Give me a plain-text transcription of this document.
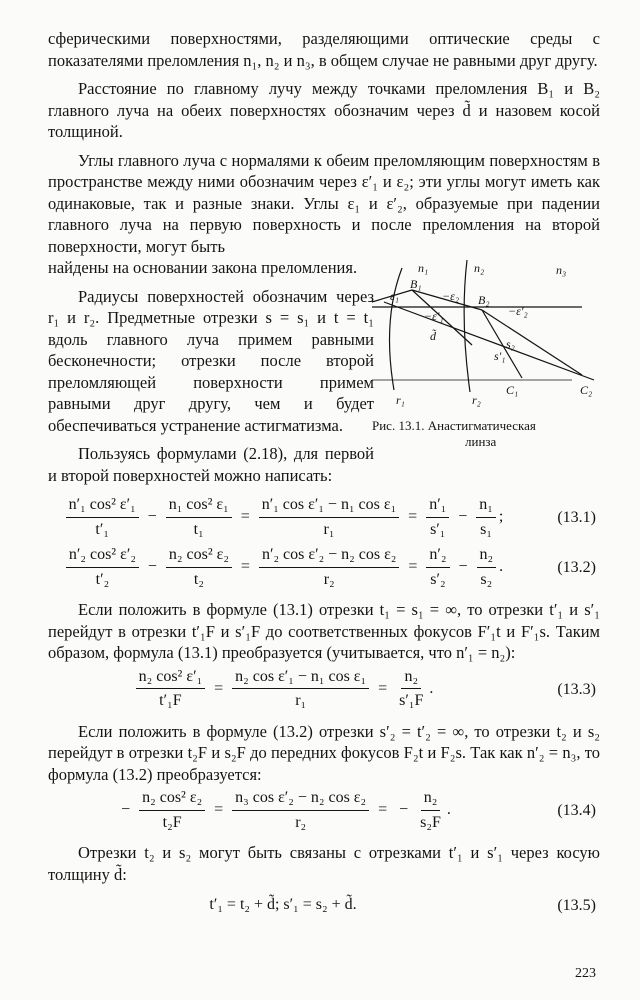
сферическими поверхностями, разделяющими оптические среды с показателями преломления n₁, n₂ и n₃, в общем случае не равными друг другу.

Расстояние по главному лучу между точками преломления B₁ и B₂ главного луча на обеих поверхностях обозначим через d̃ и назовем косой толщиной.

Углы главного луча с нормалями к обеим преломляющим поверхностям в пространстве между ними обозначим через ε′₁ и ε₂; эти углы могут иметь как одинаковые, так и разные знаки. Углы ε₁ и ε′₂, образуемые при падении главного луча на первую поверхность и после преломления на второй поверхности, могут быть

найдены на основании закона преломления.

Радиусы поверхностей обозначим через r₁ и r₂. Предметные отрезки s = s₁ и t = t₁ вдоль главного луча примем равными бесконечности; отрезки после второй преломляющей поверхности примем равными друг другу, чем и будет обеспечиваться устранение астигматизма.

Пользуясь формулами (2.18), для первой и второй поверхностей можно написать:

$\frac{\text{n′₁ cos² ε′₁}}{\text{t′₁}} - \frac{\text{n₁ cos² ε₁}}{\text{t₁}} = \frac{\text{n′₁ cos ε′₁ − n₁ cos ε₁}}{\text{r₁}} = \frac{\text{n′₁}}{\text{s′₁}} - \frac{\text{n₁}}{\text{s₁}}$ ;	(13.1)
$\frac{\text{n′₂ cos² ε′₂}}{\text{t′₂}} - \frac{\text{n₂ cos² ε₂}}{\text{t₂}} = \frac{\text{n′₂ cos ε′₂ − n₂ cos ε₂}}{\text{r₂}} = \frac{\text{n′₂}}{\text{s′₂}} - \frac{\text{n₂}}{\text{s₂}}$ .	(13.2)

Если положить в формуле (13.1) отрезки t₁ = s₁ = ∞, то отрезки t′₁ и s′₁ перейдут в отрезки t′₁F и s′₁F до соответственных фокусов F′₁t и F′₁s. Таким образом, формула (13.1) преобразуется (учитывается, что n′₁ = n₂):

$\frac{\text{n₂ cos² ε′₁}}{\text{t′₁F}} = \frac{\text{n₂ cos ε′₁ − n₁ cos ε₁}}{\text{r₁}} = \frac{\text{n₂}}{\text{s′₁F}}$ .	(13.3)

Если положить в формуле (13.2) отрезки s′₂ = t′₂ = ∞, то отрезки t₂ и s₂ перейдут в отрезки t₂F и s₂F до передних фокусов F₂t и F₂s. Так как n′₂ = n₃, то формула (13.2) преобразуется:

− $\frac{\text{n₂ cos² ε₂}}{\text{t₂F}} = \frac{\text{n₃ cos ε′₂ − n₂ cos ε₂}}{\text{r₂}}$ = − $\frac{\text{n₂}}{\text{s₂F}}$ .	(13.4)

Отрезки t₂ и s₂ могут быть связаны с отрезками t′₁ и s′₁ через косую толщину d̃:

t′₁ = t₂ + d̃; s′₁ = s₂ + d̃.	(13.5)
n₁	n₂	n₃
B₁
B₂
ε₁	−ε₂
−ε′₂
−ε′₁
d̃
s₂
s′₁
C₁	C₂
r₁	r₂
Рис. 13.1. Анастигматическая
линза
223
